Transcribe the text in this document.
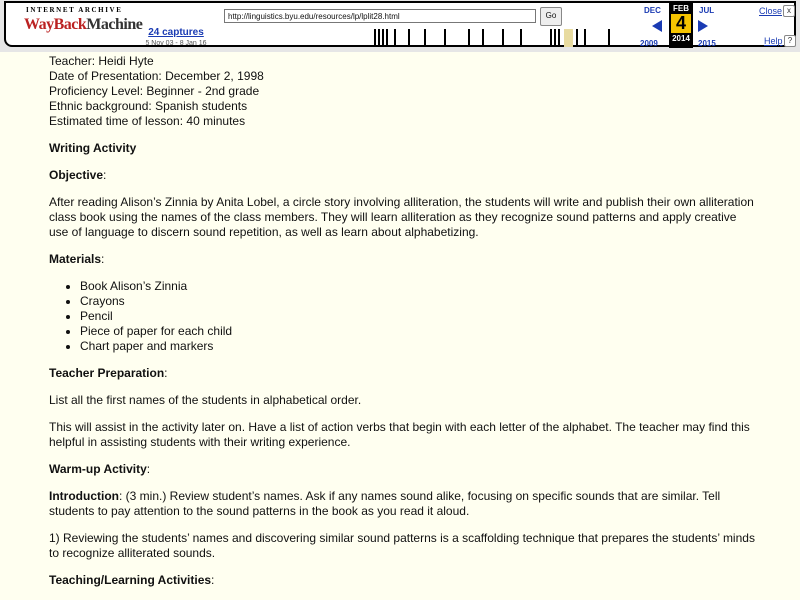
INTERNET ARCHIVE
WayBackMachine 24 captures
5 Nov 03 - 8 Jan 16
http://linguistics.byu.edu/resources/lp/lplit28.html	Go
DEC
2009
FEB
4
2014
JUL
2015
Close x
Help ?

Teacher: Heidi Hyte

Date of Presentation: December 2, 1998

Proficiency Level: Beginner - 2nd grade

Ethnic background: Spanish students

Estimated time of lesson: 40 minutes

Writing Activity

Objective:

After reading Alison’s Zinnia by Anita Lobel, a circle story involving alliteration, the students will write and publish their own alliteration class book using the names of the class members. They will learn alliteration as they recognize sound patterns and apply creative use of language to discern sound repetition, as well as learn about alphabetizing.

Materials:
• Book Alison’s Zinnia
• Crayons
• Pencil
• Piece of paper for each child
• Chart paper and markers
Teacher Preparation:

List all the first names of the students in alphabetical order.

This will assist in the activity later on. Have a list of action verbs that begin with each letter of the alphabet. The teacher may find this helpful in assisting students with their writing experience.

Warm-up Activity:

Introduction: (3 min.) Review student’s names. Ask if any names sound alike, focusing on specific sounds that are similar. Tell students to pay attention to the sound patterns in the book as you read it aloud.

1) Reviewing the students’ names and discovering similar sound patterns is a scaffolding technique that prepares the students’ minds to recognize alliterated sounds.

Teaching/Learning Activities:
